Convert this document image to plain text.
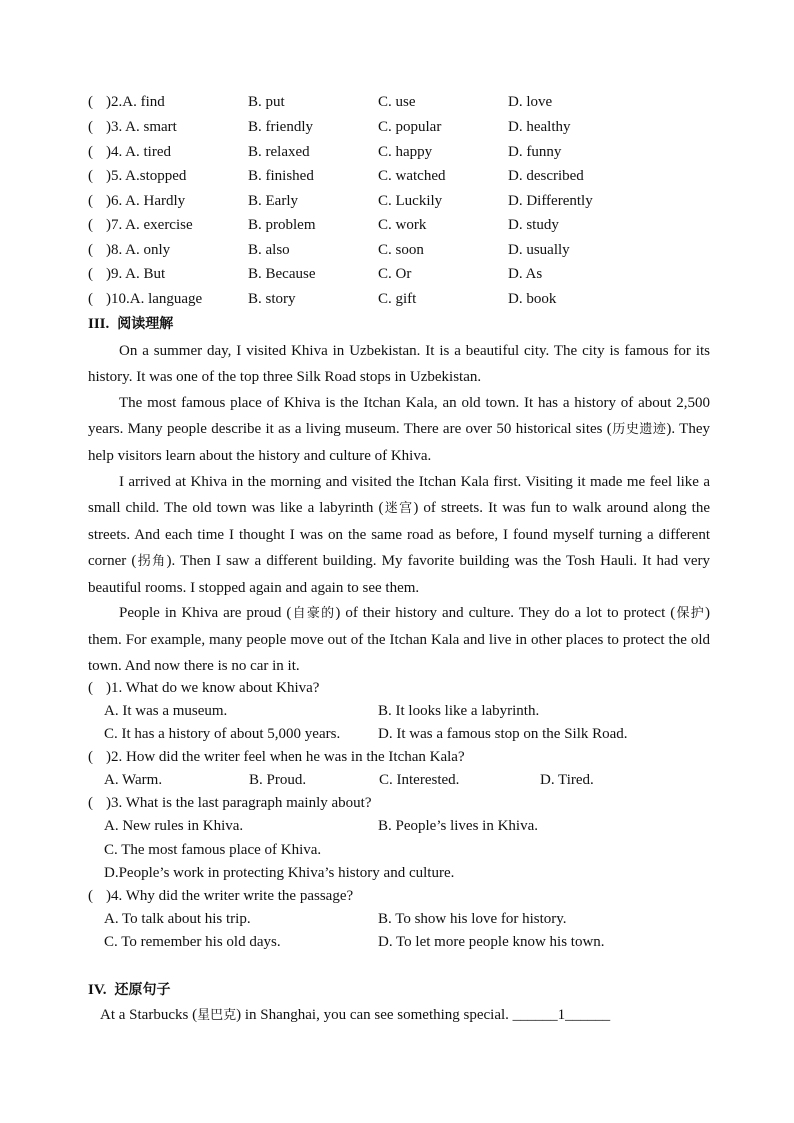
( )2.A. find	B. put	C. use	D. love
( )3. A. smart	B. friendly	C. popular	D. healthy
( )4. A. tired	B. relaxed	C. happy	D. funny
( )5. A.stopped	B. finished	C. watched	D. described
( )6. A. Hardly	B. Early	C. Luckily	D. Differently
( )7. A. exercise	B. problem	C. work	D. study
( )8. A. only	B. also	C. soon	D. usually
( )9. A. But	B. Because	C. Or	D. As
( )10.A. language	B. story	C. gift	D. book
III. 阅读理解

On a summer day, I visited Khiva in Uzbekistan. It is a beautiful city. The city is famous for its history. It was one of the top three Silk Road stops in Uzbekistan.

The most famous place of Khiva is the Itchan Kala, an old town. It has a history of about 2,500 years. Many people describe it as a living museum. There are over 50 historical sites (历史遗迹). They help visitors learn about the history and culture of Khiva.

I arrived at Khiva in the morning and visited the Itchan Kala first. Visiting it made me feel like a small child. The old town was like a labyrinth (迷宫) of streets. It was fun to walk around along the streets. And each time I thought I was on the same road as before, I found myself turning a different corner (拐角). Then I saw a different building. My favorite building was the Tosh Hauli. It had very beautiful rooms. I stopped again and again to see them.

People in Khiva are proud (自豪的) of their history and culture. They do a lot to protect (保护) them. For example, many people move out of the Itchan Kala and live in other places to protect the old town. And now there is no car in it.

( )1. What do we know about Khiva?
A. It was a museum.	B. It looks like a labyrinth.
C. It has a history of about 5,000 years.	D. It was a famous stop on the Silk Road.
( )2. How did the writer feel when he was in the Itchan Kala?
A. Warm.	B. Proud.	C. Interested.	D. Tired.
( )3. What is the last paragraph mainly about?
A. New rules in Khiva.	B. People’s lives in Khiva.
C. The most famous place of Khiva.
D.People’s work in protecting Khiva’s history and culture.
( )4. Why did the writer write the passage?
A. To talk about his trip.	B. To show his love for history.
C. To remember his old days.	D. To let more people know his town.
IV. 还原句子
At a Starbucks (星巴克) in Shanghai, you can see something special. ______1______
